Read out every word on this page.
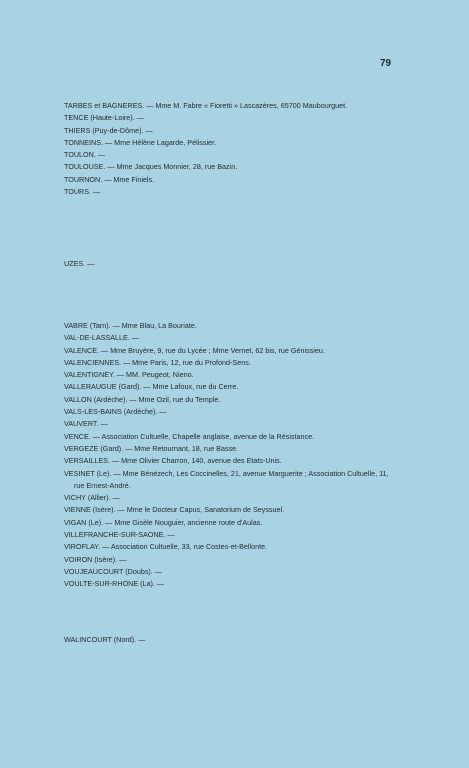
79
TARBES et BAGNERES. — Mme M. Fabre « Fioretti » Lascazères, 65700 Maubourguet.
TENCE (Haute-Loire). —
THIERS (Puy-de-Dôme). —
TONNEINS. — Mme Hélène Lagarde, Pélissier.
TOULON. —
TOULOUSE. — Mme Jacques Monnier, 28, rue Bazin.
TOURNON. — Mme Finiels.
TOURS. —
UZES. —
VABRE (Tarn). — Mme Blau, La Bouriate.
VAL-DE-LASSALLE. —
VALENCE. — Mme Bruyère, 9, rue du Lycée ; Mme Vernet, 62 bis, rue Génissieu.
VALENCIENNES. — Mme Paris, 12, rue du Profond-Sens.
VALENTIGNEY. — MM. Peugeot, Nieno.
VALLERAUGUE (Gard). — Mme Lafoux, rue du Cerre.
VALLON (Ardèche). — Mme Ozil, rue du Temple.
VALS-LES-BAINS (Ardèche). —
VAUVERT. —
VENCE. — Association Cultuelle, Chapelle anglaise, avenue de la Résistance.
VERGEZE (Gard). — Mme Retournant, 18, rue Basse.
VERSAILLES. — Mme Olivier Charron, 140, avenue des Etats-Unis.
VESINET (Le). — Mme Bénézech, Les Coccinelles, 21, avenue Marguerite ; Association Cultuelle, 11, rue Ernest-André.
VICHY (Allier). —
VIENNE (Isère). — Mme le Docteur Capus, Sanatorium de Seyssuel.
VIGAN (Le). — Mme Gisèle Nouguier, ancienne route d'Aulas.
VILLEFRANCHE-SUR-SAONE. —
VIROFLAY. — Association Cultuelle, 33, rue Costes-et-Bellonte.
VOIRON (Isère). —
VOUJEAUCOURT (Doubs). —
VOULTE-SUR-RHONE (La). —
WALINCOURT (Nord). —
